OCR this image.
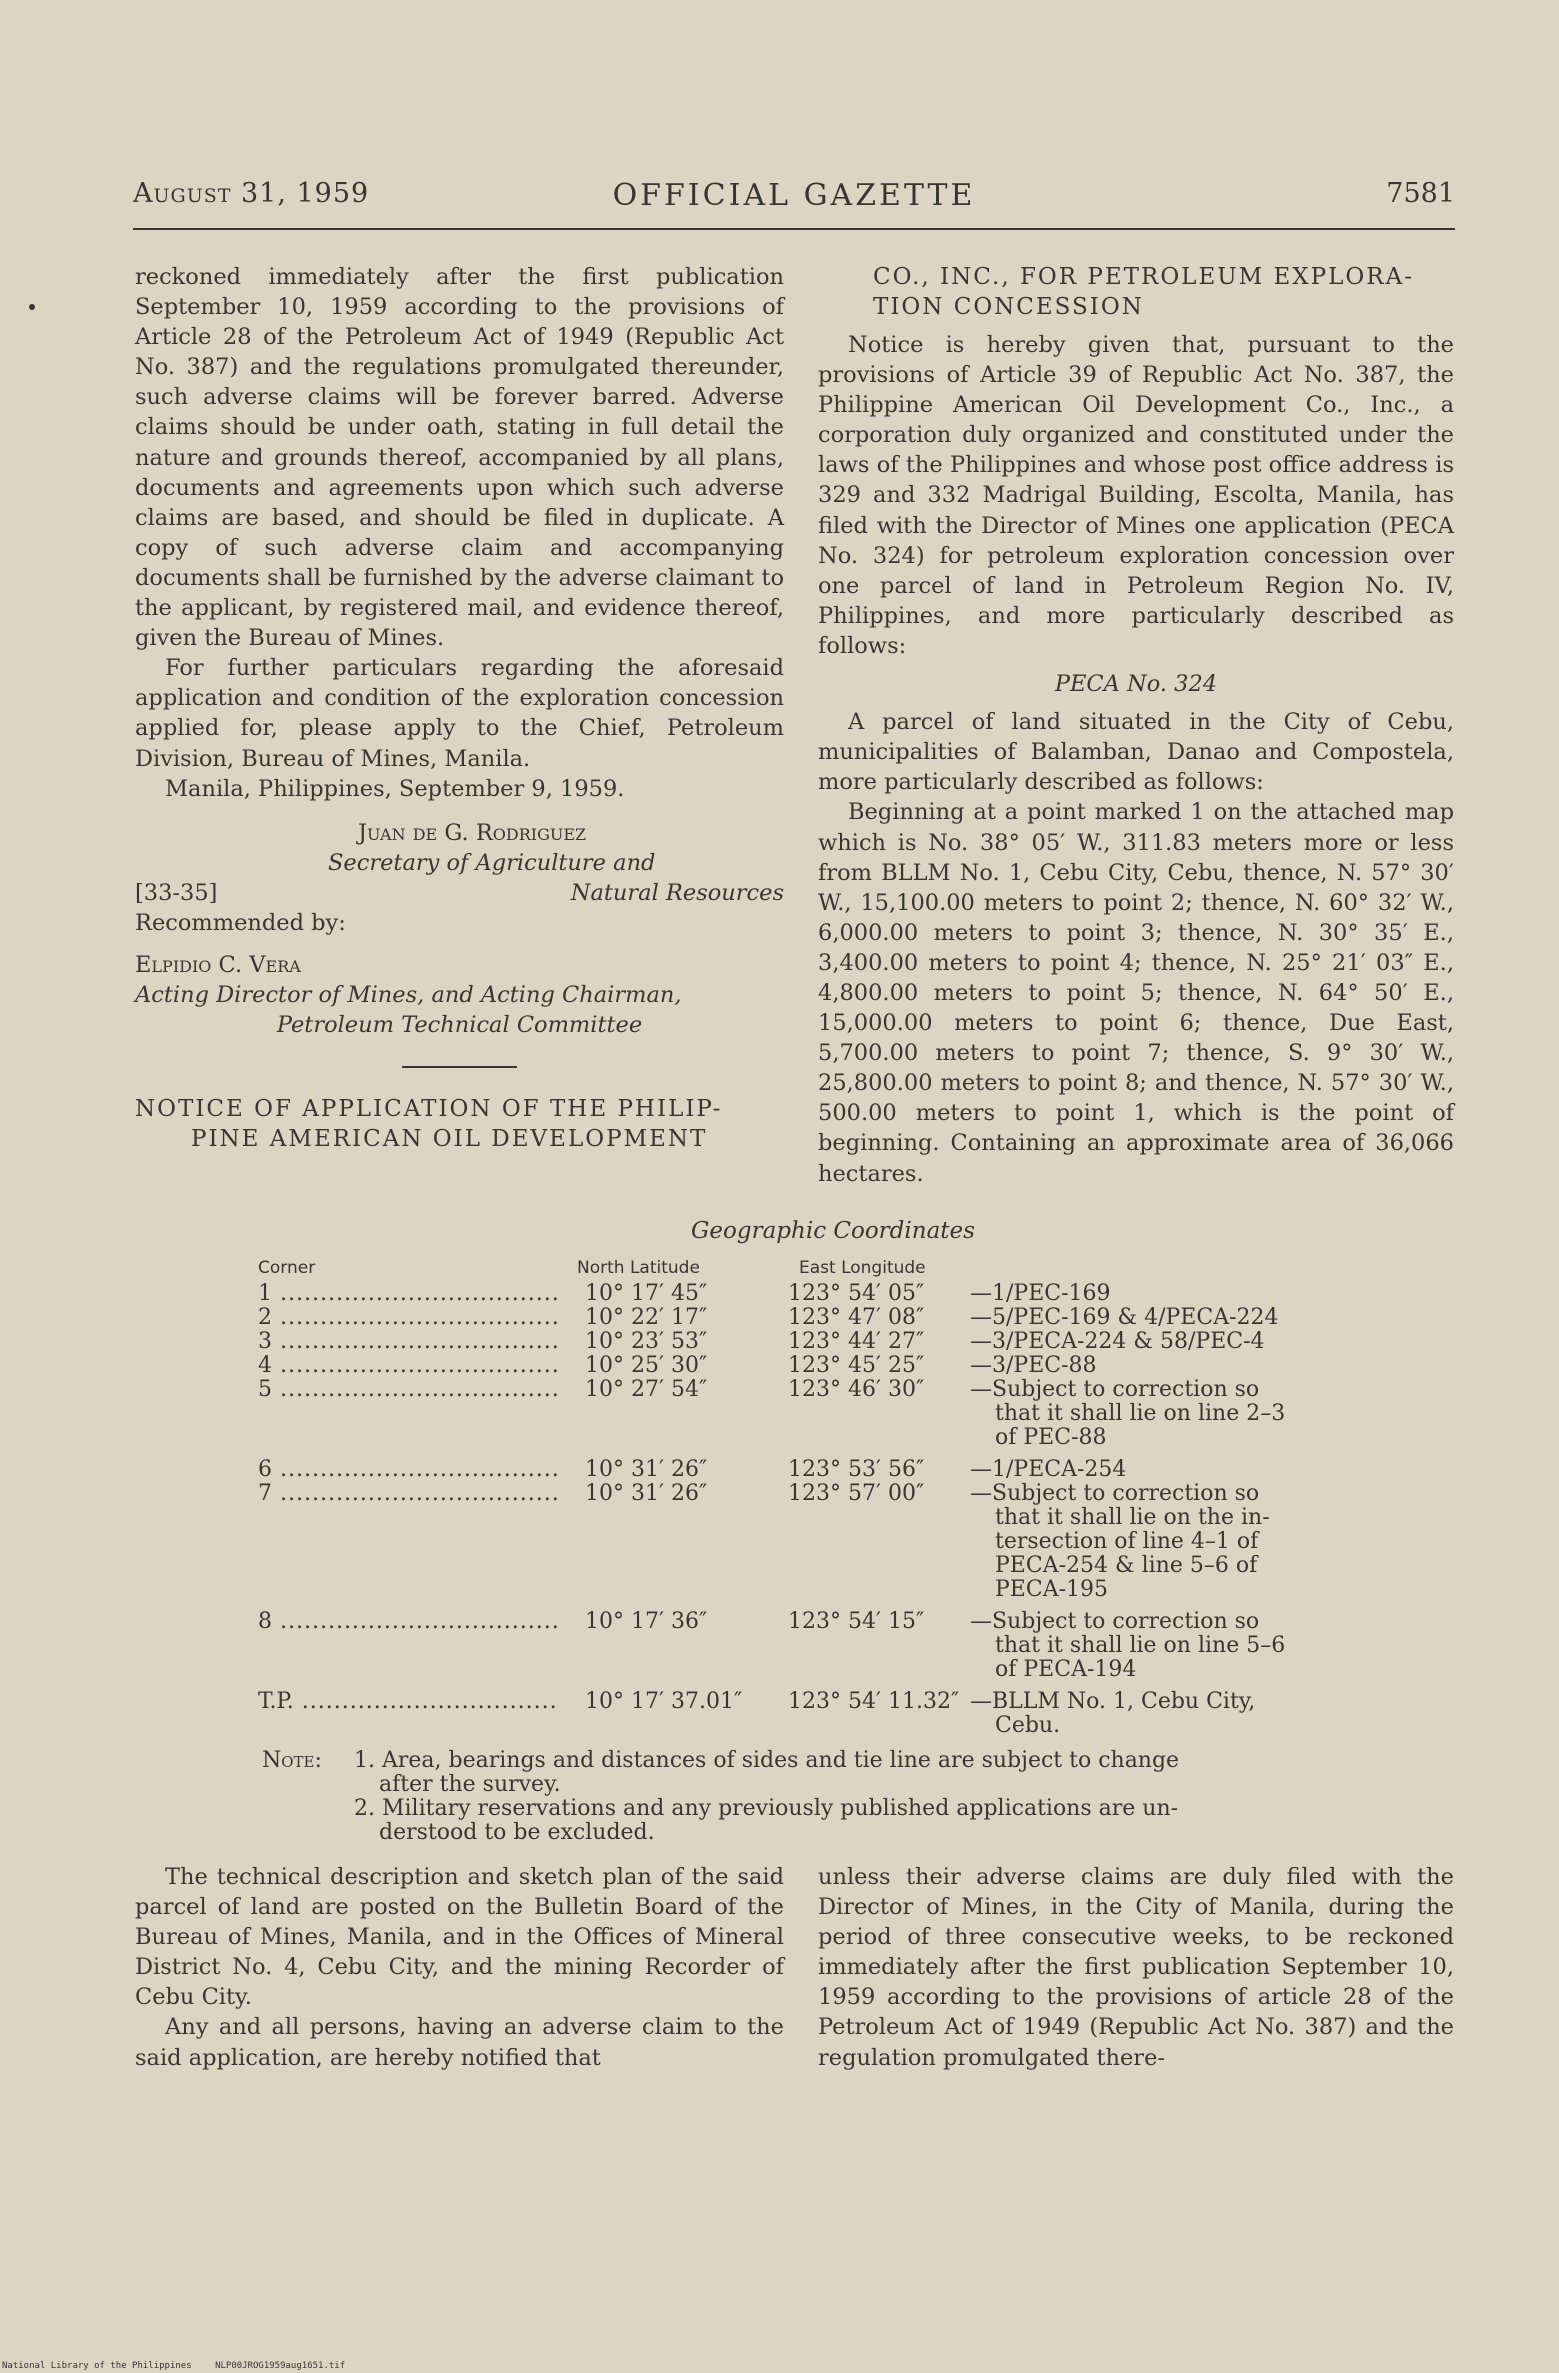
August 31, 1959	OFFICIAL GAZETTE	7581

reckoned immediately after the first publication September 10, 1959 according to the provisions of Article 28 of the Petroleum Act of 1949 (Republic Act No. 387) and the regulations promulgated thereunder, such adverse claims will be forever barred. Adverse claims should be under oath, stating in full detail the nature and grounds thereof, accompanied by all plans, documents and agreements upon which such adverse claims are based, and should be filed in duplicate. A copy of such adverse claim and accompanying documents shall be furnished by the adverse claimant to the applicant, by registered mail, and evidence thereof, given the Bureau of Mines.

For further particulars regarding the aforesaid application and condition of the exploration concession applied for, please apply to the Chief, Petroleum Division, Bureau of Mines, Manila.

Manila, Philippines, September 9, 1959.

Juan de G. Rodriguez

Secretary of Agriculture and

[33-35]	Natural Resources

Recommended by:

Elpidio C. Vera

Acting Director of Mines, and Acting Chairman,

Petroleum Technical Committee

NOTICE OF APPLICATION OF THE PHILIP-

PINE AMERICAN OIL DEVELOPMENT

CO., INC., FOR PETROLEUM EXPLORA-

TION CONCESSION

Notice is hereby given that, pursuant to the provisions of Article 39 of Republic Act No. 387, the Philippine American Oil Development Co., Inc., a corporation duly organized and constituted under the laws of the Philippines and whose post office address is 329 and 332 Madrigal Building, Escolta, Manila, has filed with the Director of Mines one application (PECA No. 324) for petroleum exploration concession over one parcel of land in Petroleum Region No. IV, Philippines, and more particularly described as follows:

PECA No. 324

A parcel of land situated in the City of Cebu, municipalities of Balamban, Danao and Compostela, more particularly described as follows:

Beginning at a point marked 1 on the attached map which is No. 38° 05′ W., 311.83 meters more or less from BLLM No. 1, Cebu City, Cebu, thence, N. 57° 30′ W., 15,100.00 meters to point 2; thence, N. 60° 32′ W., 6,000.00 meters to point 3; thence, N. 30° 35′ E., 3,400.00 meters to point 4; thence, N. 25° 21′ 03″ E., 4,800.00 meters to point 5; thence, N. 64° 50′ E., 15,000.00 meters to point 6; thence, Due East, 5,700.00 meters to point 7; thence, S. 9° 30′ W., 25,800.00 meters to point 8; and thence, N. 57° 30′ W., 500.00 meters to point 1, which is the point of beginning. Containing an approximate area of 36,066 hectares.

Geographic Coordinates
Corner	North Latitude	East Longitude
1 .....	10° 17′ 45″	123° 54′ 05″ —1/PEC-169
2 .....	10° 22′ 17″	123° 47′ 08″ —5/PEC-169 & 4/PECA-224
3 .....	10° 23′ 53″	123° 44′ 27″ —3/PECA-224 & 58/PEC-4
4 .....	10° 25′ 30″	123° 45′ 25″ —3/PEC-88
5 .....	10° 27′ 54″	123° 46′ 30″ —Subject to correction so
that it shall lie on line 2–3
of PEC-88
6 .....	10° 31′ 26″	123° 53′ 56″ —1/PECA-254
7 .....	10° 31′ 26″	123° 57′ 00″ —Subject to correction so
that it shall lie on the in-
tersection of line 4–1 of
PECA-254 & line 5–6 of
PECA-195
8 .....	10° 17′ 36″	123° 54′ 15″ —Subject to correction so
that it shall lie on line 5–6
of PECA-194
T.P. .....	10° 17′ 37.01″ 123° 54′ 11.32″ —BLLM No. 1, Cebu City,
Cebu.
Note: 1. Area, bearings and distances of sides and tie line are subject to change
after the survey.
2. Military reservations and any previously published applications are un-
derstood to be excluded.

The technical description and sketch plan of the said parcel of land are posted on the Bulletin Board of the Bureau of Mines, Manila, and in the Offices of Mineral District No. 4, Cebu City, and the mining Recorder of Cebu City.

Any and all persons, having an adverse claim to the said application, are hereby notified that

unless their adverse claims are duly filed with the Director of Mines, in the City of Manila, during the period of three consecutive weeks, to be reckoned immediately after the first publication September 10, 1959 according to the provisions of article 28 of the Petroleum Act of 1949 (Republic Act No. 387) and the regulation promulgated there-

National Library of the Philippines	NLP00JROG1959aug1651.tif
